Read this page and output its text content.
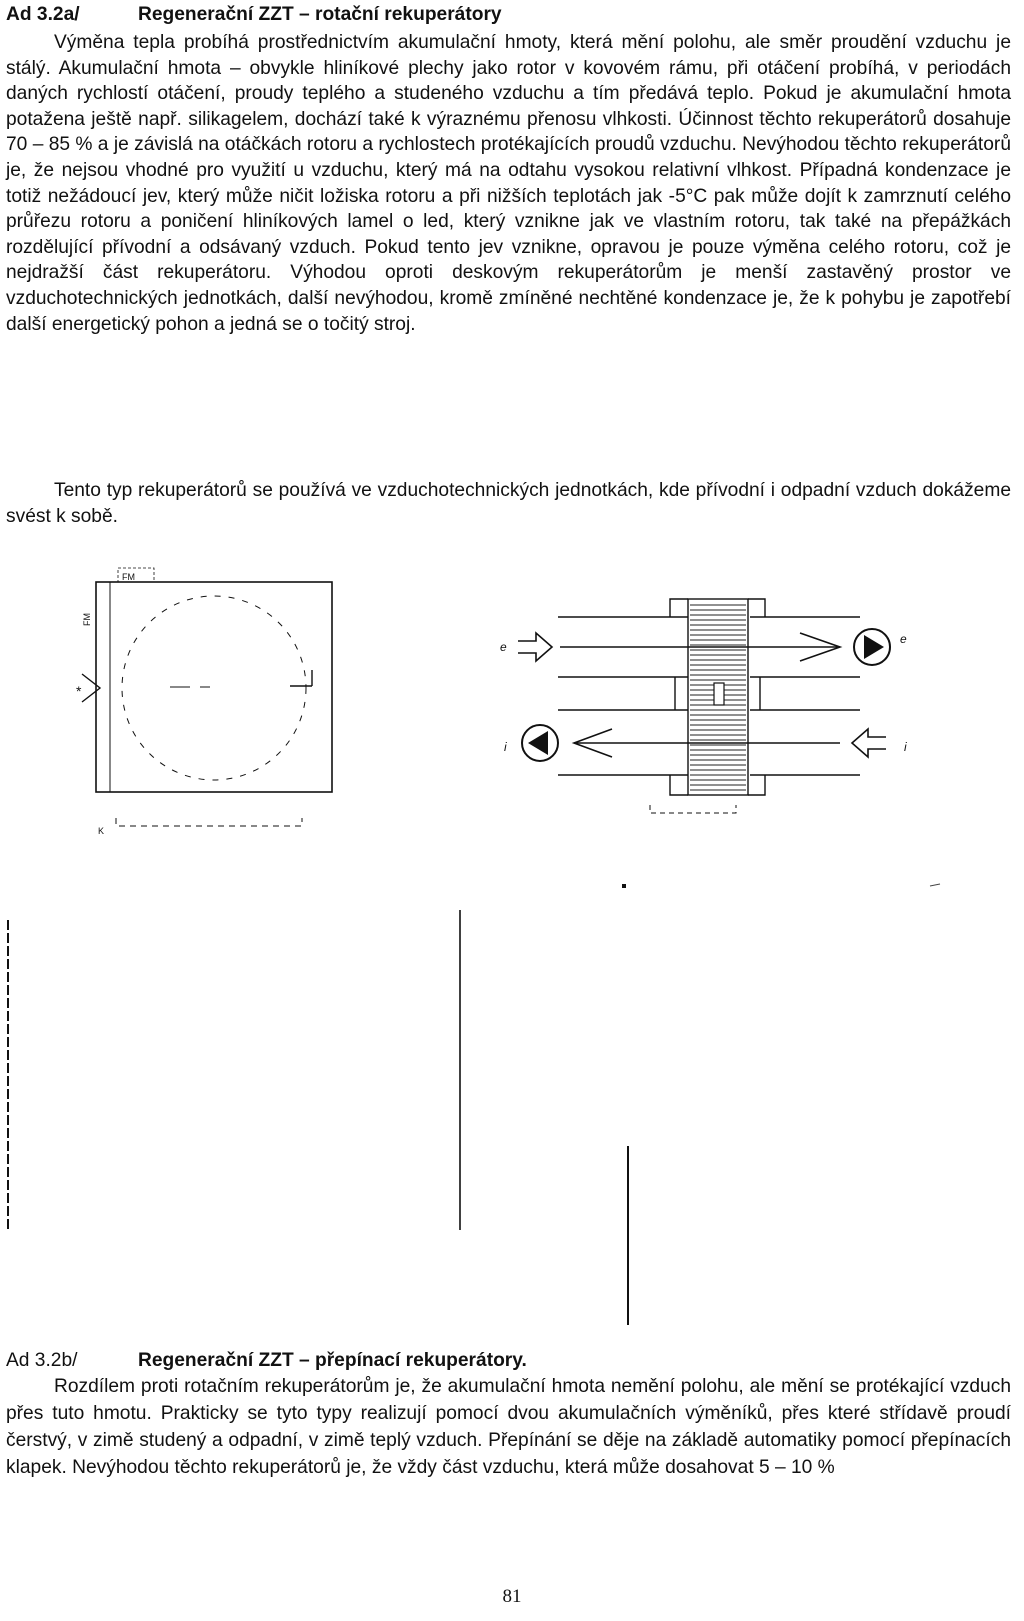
Ad 3.2a/	Regenerační ZZT – rotační rekuperátory

Výměna tepla probíhá prostřednictvím akumulační hmoty, která mění polohu, ale směr proudění vzduchu je stálý. Akumulační hmota – obvykle hliníkové plechy jako rotor v kovovém rámu, při otáčení probíhá, v periodách daných rychlostí otáčení, proudy teplého a studeného vzduchu a tím předává teplo. Pokud je akumulační hmota potažena ještě např. silikagelem, dochází také k výraznému přenosu vlhkosti. Účinnost těchto rekuperátorů dosahuje 70 – 85 % a je závislá na otáčkách rotoru a rychlostech protékajících proudů vzduchu. Nevýhodou těchto rekuperátorů je, že nejsou vhodné pro využití u vzduchu, který má na odtahu vysokou relativní vlhkost. Případná kondenzace je totiž nežádoucí jev, který může ničit ložiska rotoru a při nižších teplotách jak -5°C pak může dojít k zamrznutí celého průřezu rotoru a poničení hliníkových lamel o led, který vznikne jak ve vlastním rotoru, tak také na přepážkách rozdělující přívodní a odsávaný vzduch. Pokud tento jev vznikne, opravou je pouze výměna celého rotoru, což je nejdražší část rekuperátoru. Výhodou oproti deskovým rekuperátorům je menší zastavěný prostor ve vzduchotechnických jednotkách, další nevýhodou, kromě zmíněné nechtěné kondenzace je, že k pohybu je zapotřebí další energetický pohon a jedná se o točitý stroj.

Tento typ rekuperátorů se používá ve vzduchotechnických jednotkách, kde přívodní i odpadní vzduch dokážeme svést k sobě.

FM
FM
*
K
e
e
i	i
Ad 3.2b/	Regenerační ZZT – přepínací rekuperátory.

Rozdílem proti rotačním rekuperátorům je, že akumulační hmota nemění polohu, ale mění se protékající vzduch přes tuto hmotu. Prakticky se tyto typy realizují pomocí dvou akumulačních výměníků, přes které střídavě proudí čerstvý, v zimě studený a odpadní, v zimě teplý vzduch. Přepínání se děje na základě automatiky pomocí přepínacích klapek. Nevýhodou těchto rekuperátorů je, že vždy část vzduchu, která může dosahovat 5 – 10 %

81
